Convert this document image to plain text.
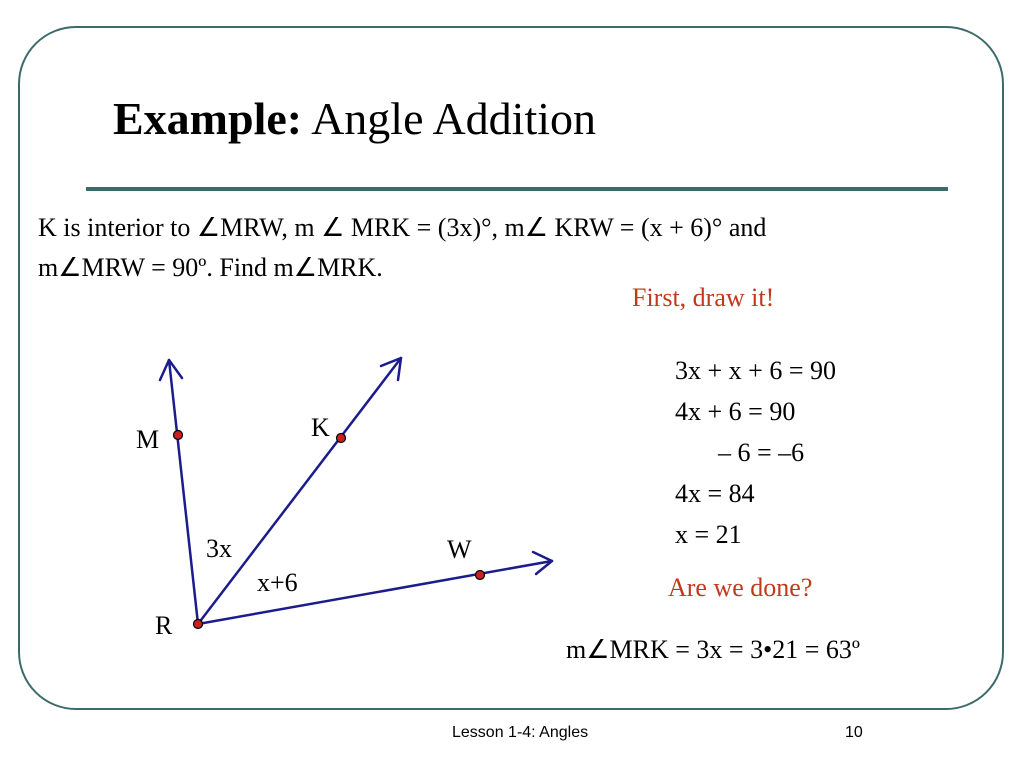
Example: Angle Addition
K is interior to ∠MRW, m ∠ MRK = (3x)°, m∠ KRW = (x + 6)° and
m∠MRW = 90º. Find m∠MRK.
First, draw it!
3x + x + 6 = 90
4x + 6 = 90
– 6 = –6
4x = 84
x = 21
Are we done?
m∠MRK = 3x = 3•21 = 63º
M	K
W
R
3x
x+6
Lesson 1-4: Angles	10
